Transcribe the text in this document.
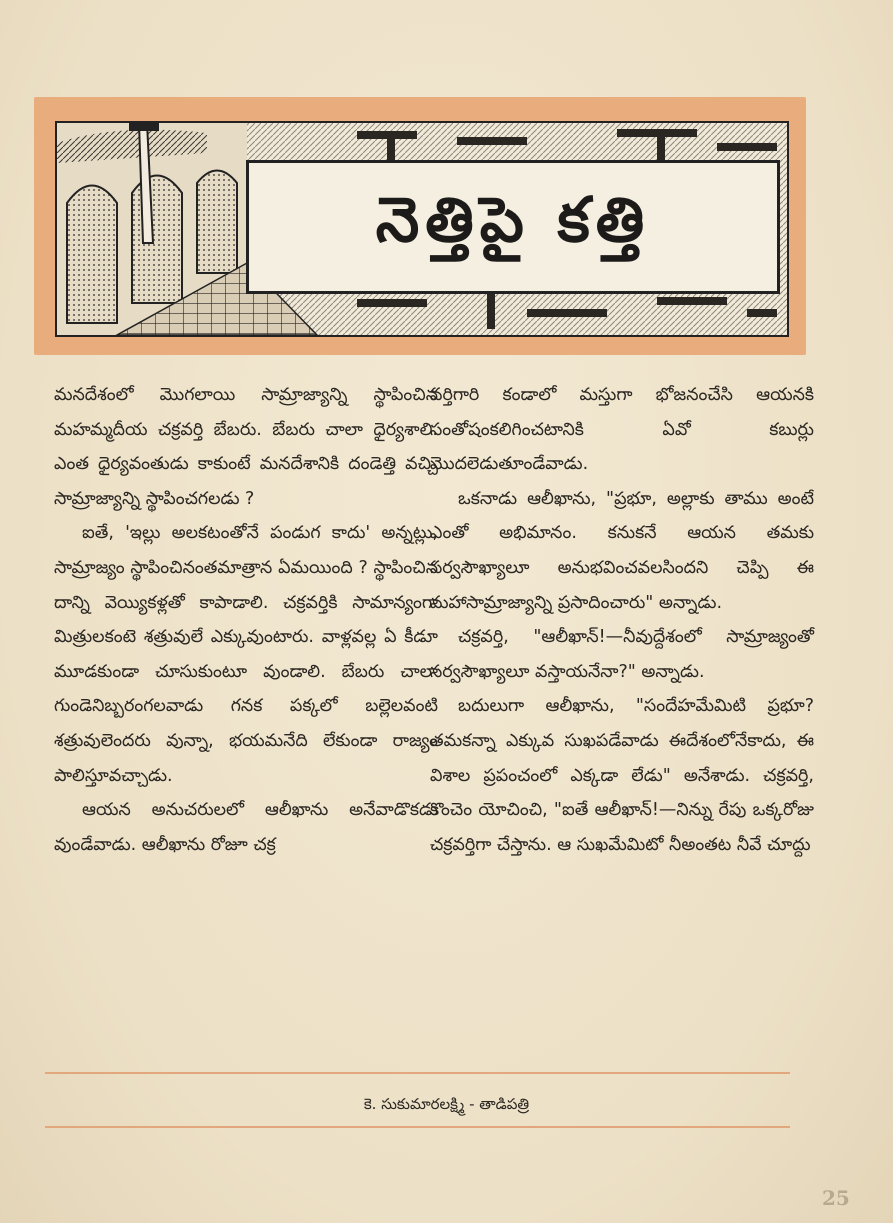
నెత్తిపై కత్తి

మనదేశంలో మొగలాయి సామ్రాజ్యాన్ని స్థాపించిన మహమ్మదీయ చక్రవర్తి బేబరు. బేబరు చాలా ధైర్యశాలి. ఎంత ధైర్యవంతుడు కాకుంటే మనదేశానికి దండెత్తి వచ్చి సామ్రాజ్యాన్ని స్థాపించగలడు ?

ఐతే, 'ఇల్లు అలకటంతోనే పండుగ కాదు' అన్నట్లు, సామ్రాజ్యం స్థాపించినంతమాత్రాన ఏమయింది ? స్థాపించిన దాన్ని వెయ్యికళ్లతో కాపాడాలి. చక్రవర్తికి సామాన్యంగా మిత్రులకంటె శత్రువులే ఎక్కువుంటారు. వాళ్లవల్ల ఏ కీడూ మూడకుండా చూసుకుంటూ వుండాలి. బేబరు చాలా గుండెనిబ్బరంగలవాడు గనక పక్కలో బల్లెలవంటి శత్రువులెందరు వున్నా, భయమనేది లేకుండా రాజ్యం పాలిస్తూవచ్చాడు.

ఆయన అనుచరులలో ఆలీఖాను అనేవాడొకడు వుండేవాడు. ఆలీఖాను రోజూ చక్ర

వర్తిగారి కండాలో మస్తుగా భోజనంచేసి ఆయనకి సంతోషంకలిగించటానికి ఏవో కబుర్లు మొదలెడుతూండేవాడు.

ఒకనాడు ఆలీఖాను, "ప్రభూ, అల్లాకు తాము అంటే ఎంతో అభిమానం. కనుకనే ఆయన తమకు సర్వసౌఖ్యాలూ అనుభవించవలసిందని చెప్పి ఈ మహాసామ్రాజ్యాన్ని ప్రసాదించారు" అన్నాడు.

చక్రవర్తి, "ఆలీఖాన్!—నీవుద్దేశంలో సామ్రాజ్యంతో సర్వసౌఖ్యాలూ వస్తాయనేనా?" అన్నాడు.

బదులుగా ఆలీఖాను, "సందేహమేమిటి ప్రభూ? తమకన్నా ఎక్కువ సుఖపడేవాడు ఈదేశంలోనేకాదు, ఈ విశాల ప్రపంచంలో ఎక్కడా లేడు" అనేశాడు. చక్రవర్తి, కొంచెం యోచించి, "ఐతే ఆలీఖాన్!—నిన్ను రేపు ఒక్కరోజు చక్రవర్తిగా చేస్తాను. ఆ సుఖమేమిటో నీఅంతట నీవే చూద్దు

కె. సుకుమారలక్ష్మి - తాడిపత్రి
25
